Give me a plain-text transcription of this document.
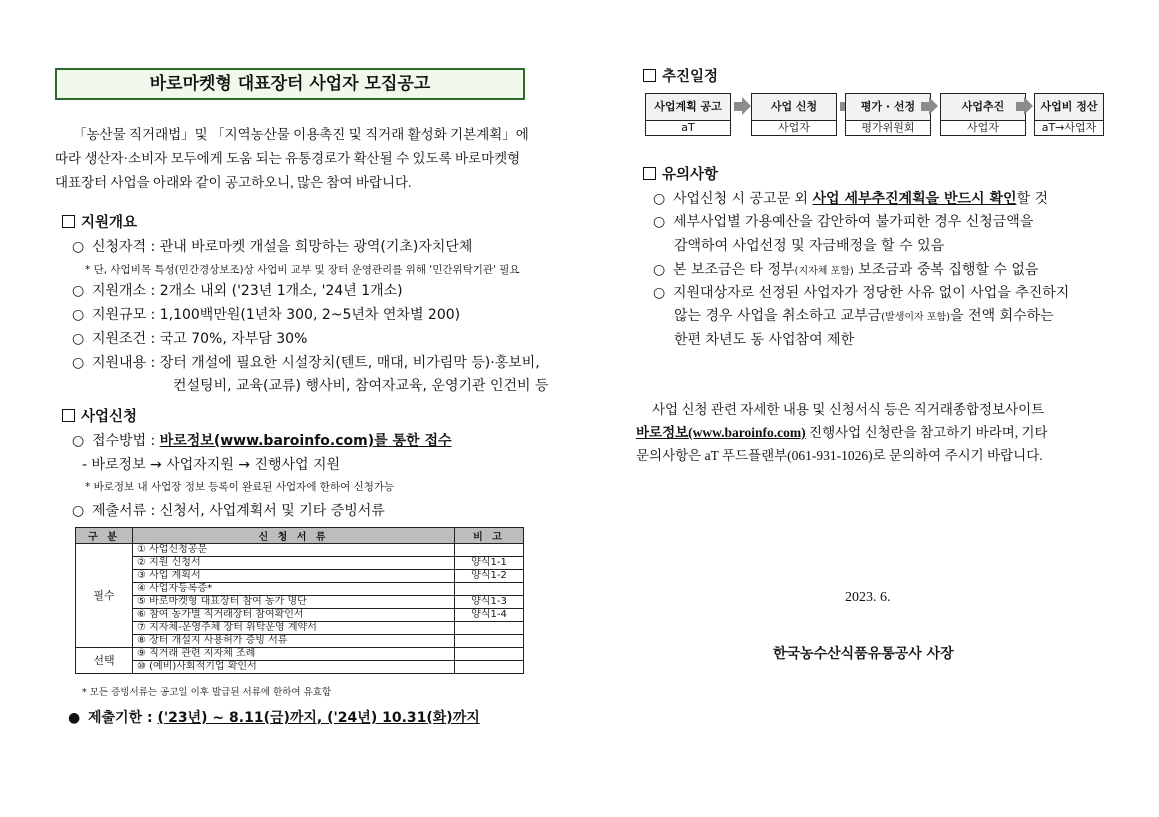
바로마켓형 대표장터 사업자 모집공고
「농산물 직거래법」및 「지역농산물 이용촉진 및 직거래 활성화 기본계획」에
따라 생산자·소비자 모두에게 도움 되는 유통경로가 확산될 수 있도록 바로마켓형
대표장터 사업을 아래와 같이 공고하오니, 많은 참여 바랍니다.
지원개요
○ 신청자격 : 관내 바로마켓 개설을 희망하는 광역(기초)자치단체
* 단, 사업비목 특성(민간경상보조)상 사업비 교부 및 장터 운영관리를 위해 '민간위탁기관' 필요
○ 지원개소 : 2개소 내외 ('23년 1개소, '24년 1개소)
○ 지원규모 : 1,100백만원(1년차 300, 2~5년차 연차별 200)
○ 지원조건 : 국고 70%, 자부담 30%
○ 지원내용 : 장터 개설에 필요한 시설장치(텐트, 매대, 비가림막 등)·홍보비,
컨설팅비, 교육(교류) 행사비, 참여자교육, 운영기관 인건비 등
사업신청
○ 접수방법 : 바로정보(www.baroinfo.com)를 통한 접수
- 바로정보 → 사업자지원 → 진행사업 지원
* 바로정보 내 사업장 정보 등록이 완료된 사업자에 한하여 신청가능
○ 제출서류 : 신청서, 사업계획서 및 기타 증빙서류
구 분	신 청 서 류	비 고
필수	① 사업신청공문	
	② 지원 신청서	양식1-1
	③ 사업 계획서	양식1-2
	④ 사업자등록증*	
	⑤ 바로마켓형 대표장터 참여 농가 명단	양식1-3
	⑥ 참여 농가별 직거래장터 참여확인서	양식1-4
	⑦ 지자체-운영주체 장터 위탁운영 계약서	
	⑧ 장터 개설지 사용허가 증빙 서류	
선택	⑨ 직거래 관련 지자체 조례	
	⑩ (예비)사회적기업 확인서	
* 모든 증빙서류는 공고일 이후 발급된 서류에 한하여 유효함
● 제출기한 : ('23년) ~ 8.11(금)까지, ('24년) 10.31(화)까지
추진일정
사업계획 공고
aT
사업 신청
사업자
평가 · 선정
평가위원회
사업추진
사업자
사업비 정산
aT→사업자
유의사항
○ 사업신청 시 공고문 외 사업 세부추진계획을 반드시 확인할 것
○ 세부사업별 가용예산을 감안하여 불가피한 경우 신청금액을
감액하여 사업선정 및 자금배정을 할 수 있음
○ 본 보조금은 타 정부(지자체 포함) 보조금과 중복 집행할 수 없음
○ 지원대상자로 선정된 사업자가 정당한 사유 없이 사업을 추진하지
않는 경우 사업을 취소하고 교부금(발생이자 포함)을 전액 회수하는
한편 차년도 동 사업참여 제한
사업 신청 관련 자세한 내용 및 신청서식 등은 직거래종합정보사이트
바로정보(www.baroinfo.com) 진행사업 신청란을 참고하기 바라며, 기타
문의사항은 aT 푸드플랜부(061-931-1026)로 문의하여 주시기 바랍니다.
2023. 6.
한국농수산식품유통공사 사장
